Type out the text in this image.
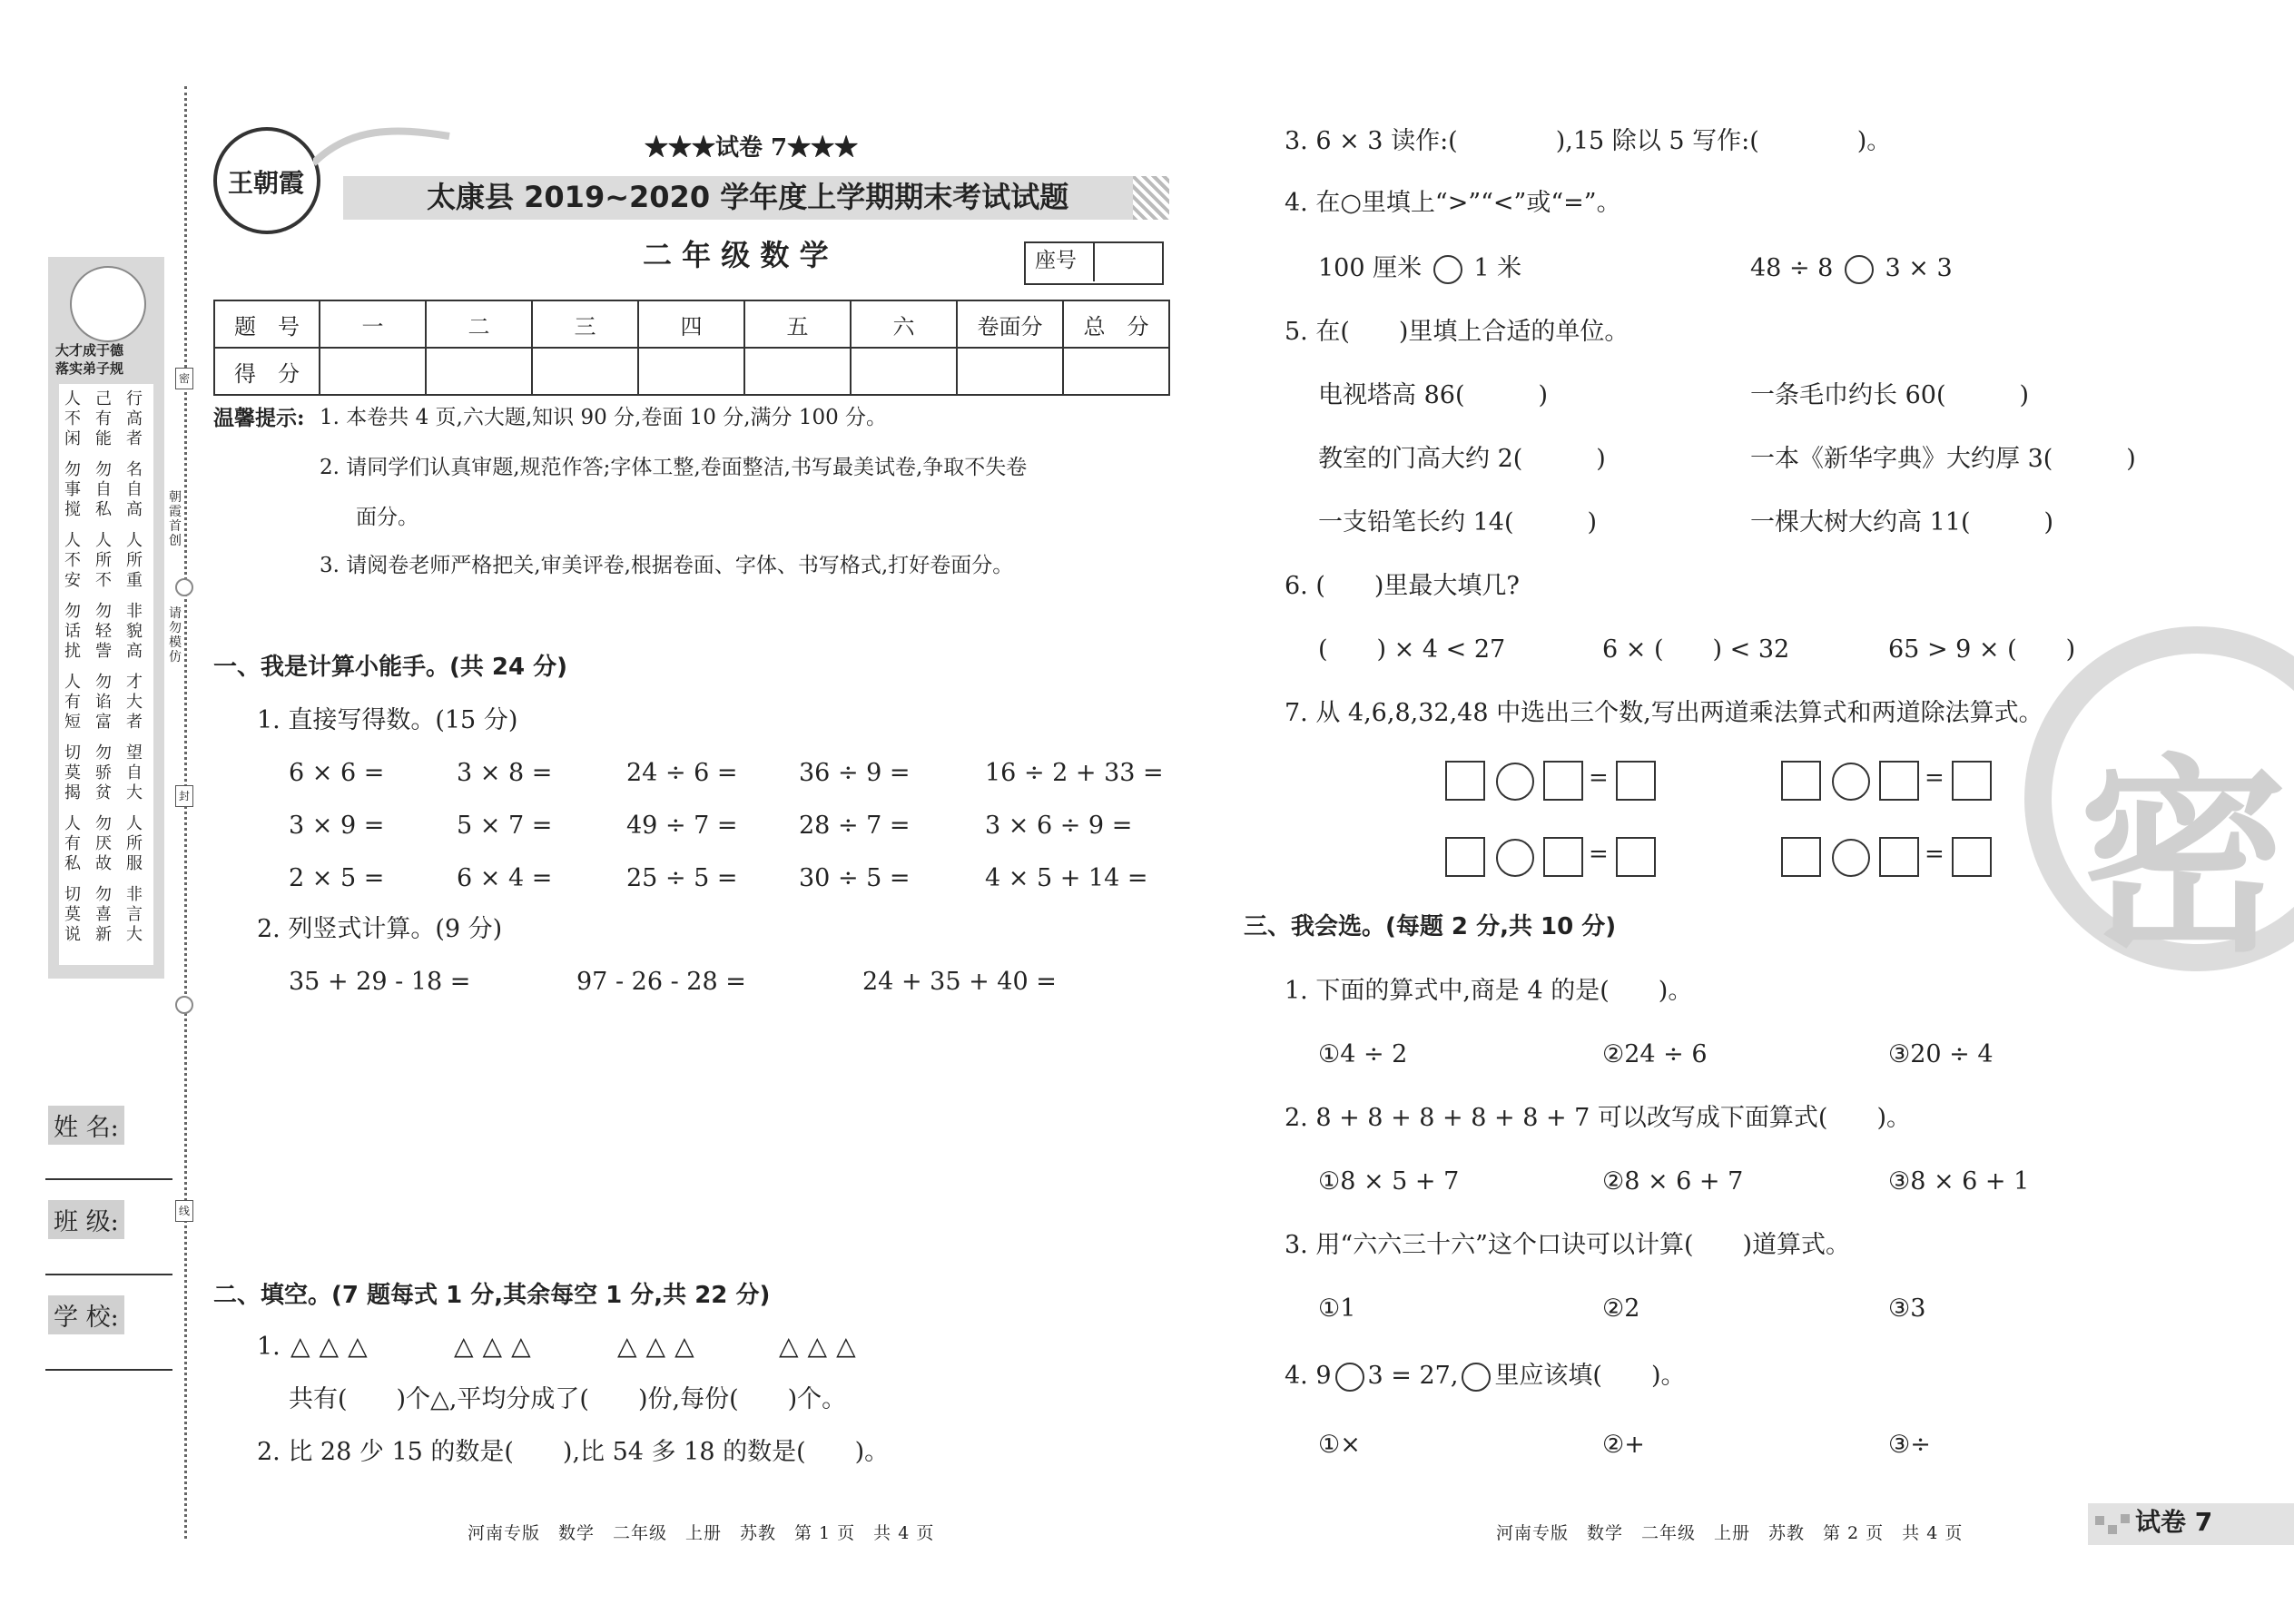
大才成于德
落实弟子规
人不闲
己有能
行高者
勿事搅
勿自私
名自高
人不安
人所不
人所重
勿话扰
勿轻訾
非貌高
人有短
勿谄富
才大者
切莫揭
勿骄贫
望自大
人有私
勿厌故
人所服
切莫说
勿喜新
非言大
密
朝霞首创
请勿模仿
封
线
姓 名:
班 级:
学 校:
王朝霞
★★★试卷 7★★★
太康县 2019~2020 学年度上学期期末考试试题
二 年 级 数 学	座号
题　号	一	二	三	四	五	六	卷面分	总　分
得　分								
温馨提示: 1. 本卷共 4 页,六大题,知识 90 分,卷面 10 分,满分 100 分。
2. 请同学们认真审题,规范作答;字体工整,卷面整洁,书写最美试卷,争取不失卷
面分。
3. 请阅卷老师严格把关,审美评卷,根据卷面、字体、书写格式,打好卷面分。
一、我是计算小能手。(共 24 分)
1. 直接写得数。(15 分)
6 × 6 =	3 × 8 =	24 ÷ 6 = 36 ÷ 9 =	16 ÷ 2 + 33 =
3 × 9 =	5 × 7 =	49 ÷ 7 = 28 ÷ 7 =	3 × 6 ÷ 9 =
2 × 5 =	6 × 4 =	25 ÷ 5 = 30 ÷ 5 =	4 × 5 + 14 =
2. 列竖式计算。(9 分)
35 + 29 - 18 =	97 - 26 - 28 =	24 + 35 + 40 =
二、填空。(7 题每式 1 分,其余每空 1 分,共 22 分)
1. △△△	△△△	△△△	△△△
共有(　　)个△,平均分成了(　　)份,每份(　　)个。
2. 比 28 少 15 的数是(　　),比 54 多 18 的数是(　　)。
河南专版　数学　二年级　上册　苏教　第 1 页　共 4 页
密
3. 6 × 3 读作:(　　　　),15 除以 5 写作:(　　　　)。
4. 在○里填上“>”“<”或“=”。
100 厘米 1 米	48 ÷ 8 3 × 3
5. 在(　　)里填上合适的单位。
电视塔高 86(　　　)	一条毛巾约长 60(　　　)
教室的门高大约 2(　　　)	一本《新华字典》大约厚 3(　　　)
一支铅笔长约 14(　　　)	一棵大树大约高 11(　　　)
6. (　　)里最大填几?
(　　) × 4 < 27	6 × (　　) < 32	65 > 9 × (　　)
7. 从 4,6,8,32,48 中选出三个数,写出两道乘法算式和两道除法算式。
=	=
=	=
三、我会选。(每题 2 分,共 10 分)
1. 下面的算式中,商是 4 的是(　　)。
①4 ÷ 2	②24 ÷ 6	③20 ÷ 4
2. 8 + 8 + 8 + 8 + 8 + 7 可以改写成下面算式(　　)。
①8 × 5 + 7	②8 × 6 + 7	③8 × 6 + 1
3. 用“六六三十六”这个口诀可以计算(　　)道算式。
①1	②2	③3
4. 9 3 = 27, 里应该填(　　)。
①×	②+	③÷
河南专版　数学　二年级　上册　苏教　第 2 页　共 4 页	试卷 7
